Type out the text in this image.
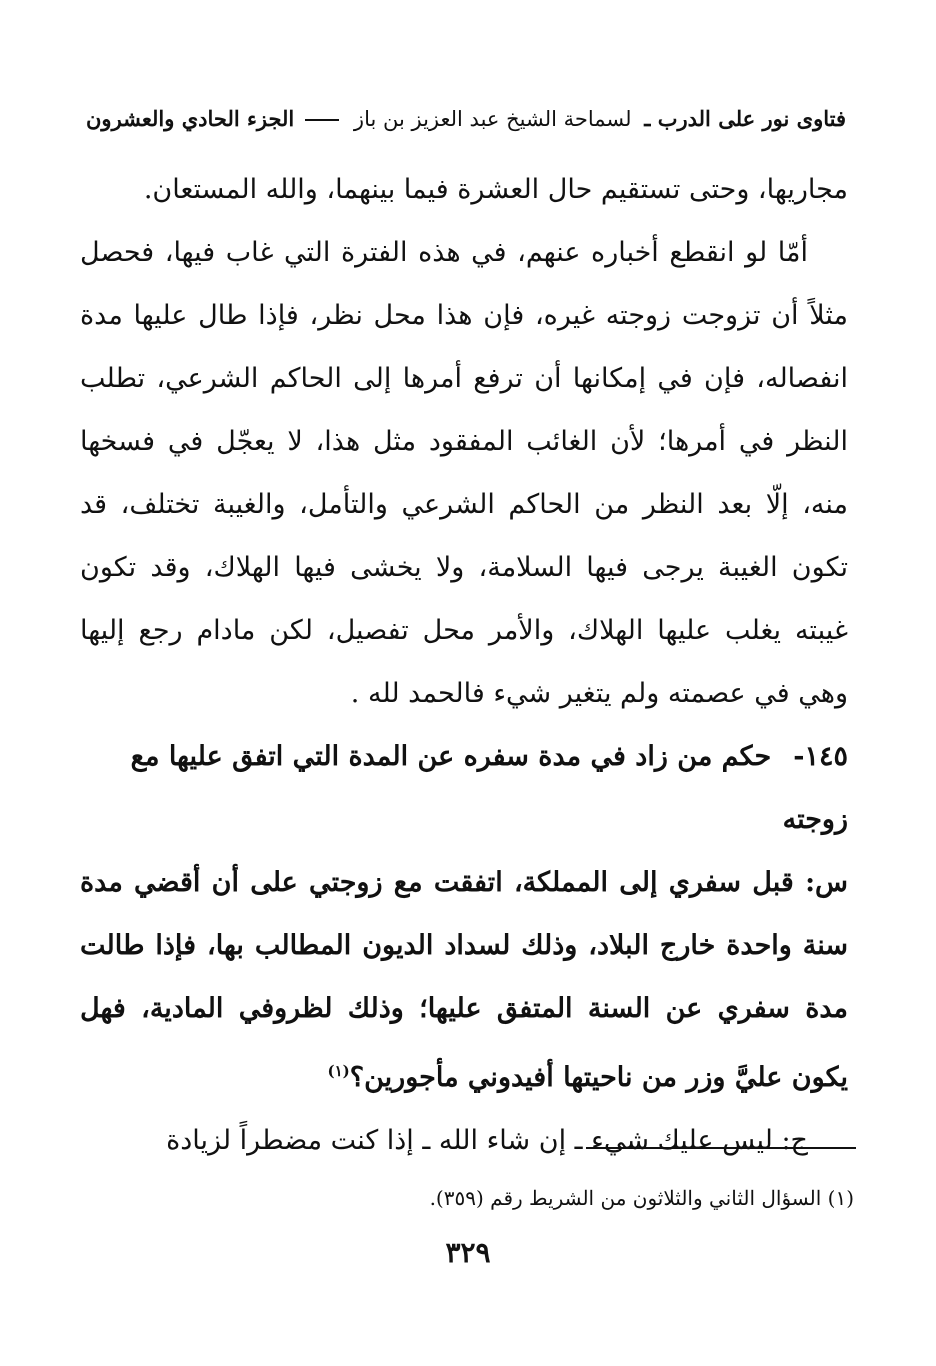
فتاوى نور على الدرب ـ لسماحة الشيخ عبد العزيز بن باز
الجزء الحادي والعشرون

مجاريها، وحتى تستقيم حال العشرة فيما بينهما، والله المستعان.

أمّا لو انقطع أخباره عنهم، في هذه الفترة التي غاب فيها، فحصل مثلاً أن تزوجت زوجته غيره، فإن هذا محل نظر، فإذا طال عليها مدة انفصاله، فإن في إمكانها أن ترفع أمرها إلى الحاكم الشرعي، تطلب النظر في أمرها؛ لأن الغائب المفقود مثل هذا، لا يعجّل في فسخها منه، إلّا بعد النظر من الحاكم الشرعي والتأمل، والغيبة تختلف، قد تكون الغيبة يرجى فيها السلامة، ولا يخشى فيها الهلاك، وقد تكون غيبته يغلب عليها الهلاك، والأمر محل تفصيل، لكن مادام رجع إليها وهي في عصمته ولم يتغير شيء فالحمد لله .

١٤٥-حكم من زاد في مدة سفره عن المدة التي اتفق عليها مع زوجته

س: قبل سفري إلى المملكة، اتفقت مع زوجتي على أن أقضي مدة سنة واحدة خارج البلاد، وذلك لسداد الديون المطالب بها، فإذا طالت مدة سفري عن السنة المتفق عليها؛ وذلك لظروفي المادية، فهل يكون عليَّ وزر من ناحيتها أفيدوني مأجورين؟$^{(١)}$

ج: ليس عليك شيء ـ إن شاء الله ـ إذا كنت مضطراً لزيادة

(١) السؤال الثاني والثلاثون من الشريط رقم (٣٥٩).
٣٢٩
